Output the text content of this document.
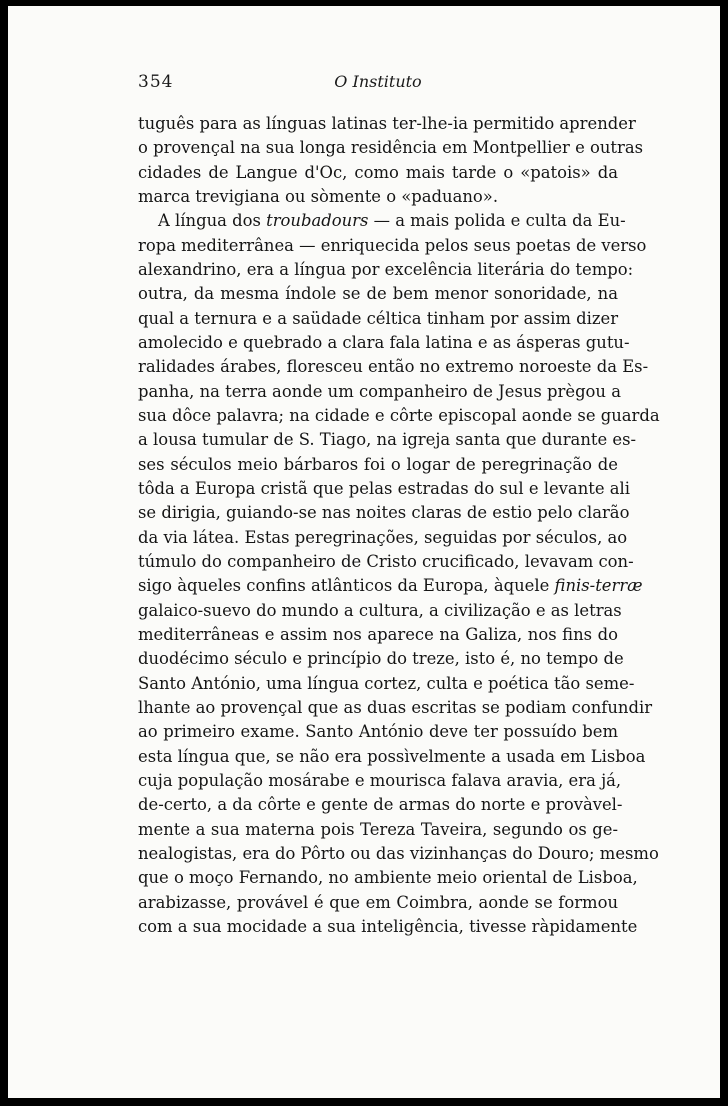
354	O Instituto
tuguês para as línguas latinas ter-lhe-ia permitido aprender
o provençal na sua longa residência em Montpellier e outras
cidades de Langue d'Oc, como mais tarde o «patois» da
marca trevigiana ou sòmente o «paduano».
A língua dos troubadours — a mais polida e culta da Eu-
ropa mediterrânea — enriquecida pelos seus poetas de verso
alexandrino, era a língua por excelência literária do tempo:
outra, da mesma índole se de bem menor sonoridade, na
qual a ternura e a saüdade céltica tinham por assim dizer
amolecido e quebrado a clara fala latina e as ásperas gutu-
ralidades árabes, floresceu então no extremo noroeste da Es-
panha, na terra aonde um companheiro de Jesus prègou a
sua dôce palavra; na cidade e côrte episcopal aonde se guarda
a lousa tumular de S. Tiago, na igreja santa que durante es-
ses séculos meio bárbaros foi o logar de peregrinação de
tôda a Europa cristã que pelas estradas do sul e levante ali
se dirigia, guiando-se nas noites claras de estio pelo clarão
da via látea. Estas peregrinações, seguidas por séculos, ao
túmulo do companheiro de Cristo crucificado, levavam con-
sigo àqueles confins atlânticos da Europa, àquele finis-terræ
galaico-suevo do mundo a cultura, a civilização e as letras
mediterrâneas e assim nos aparece na Galiza, nos fins do
duodécimo século e princípio do treze, isto é, no tempo de
Santo António, uma língua cortez, culta e poética tão seme-
lhante ao provençal que as duas escritas se podiam confundir
ao primeiro exame. Santo António deve ter possuído bem
esta língua que, se não era possìvelmente a usada em Lisboa
cuja população mosárabe e mourisca falava aravia, era já,
de-certo, a da côrte e gente de armas do norte e provàvel-
mente a sua materna pois Tereza Taveira, segundo os ge-
nealogistas, era do Pôrto ou das vizinhanças do Douro; mesmo
que o moço Fernando, no ambiente meio oriental de Lisboa,
arabizasse, provável é que em Coimbra, aonde se formou
com a sua mocidade a sua inteligência, tivesse ràpidamente
